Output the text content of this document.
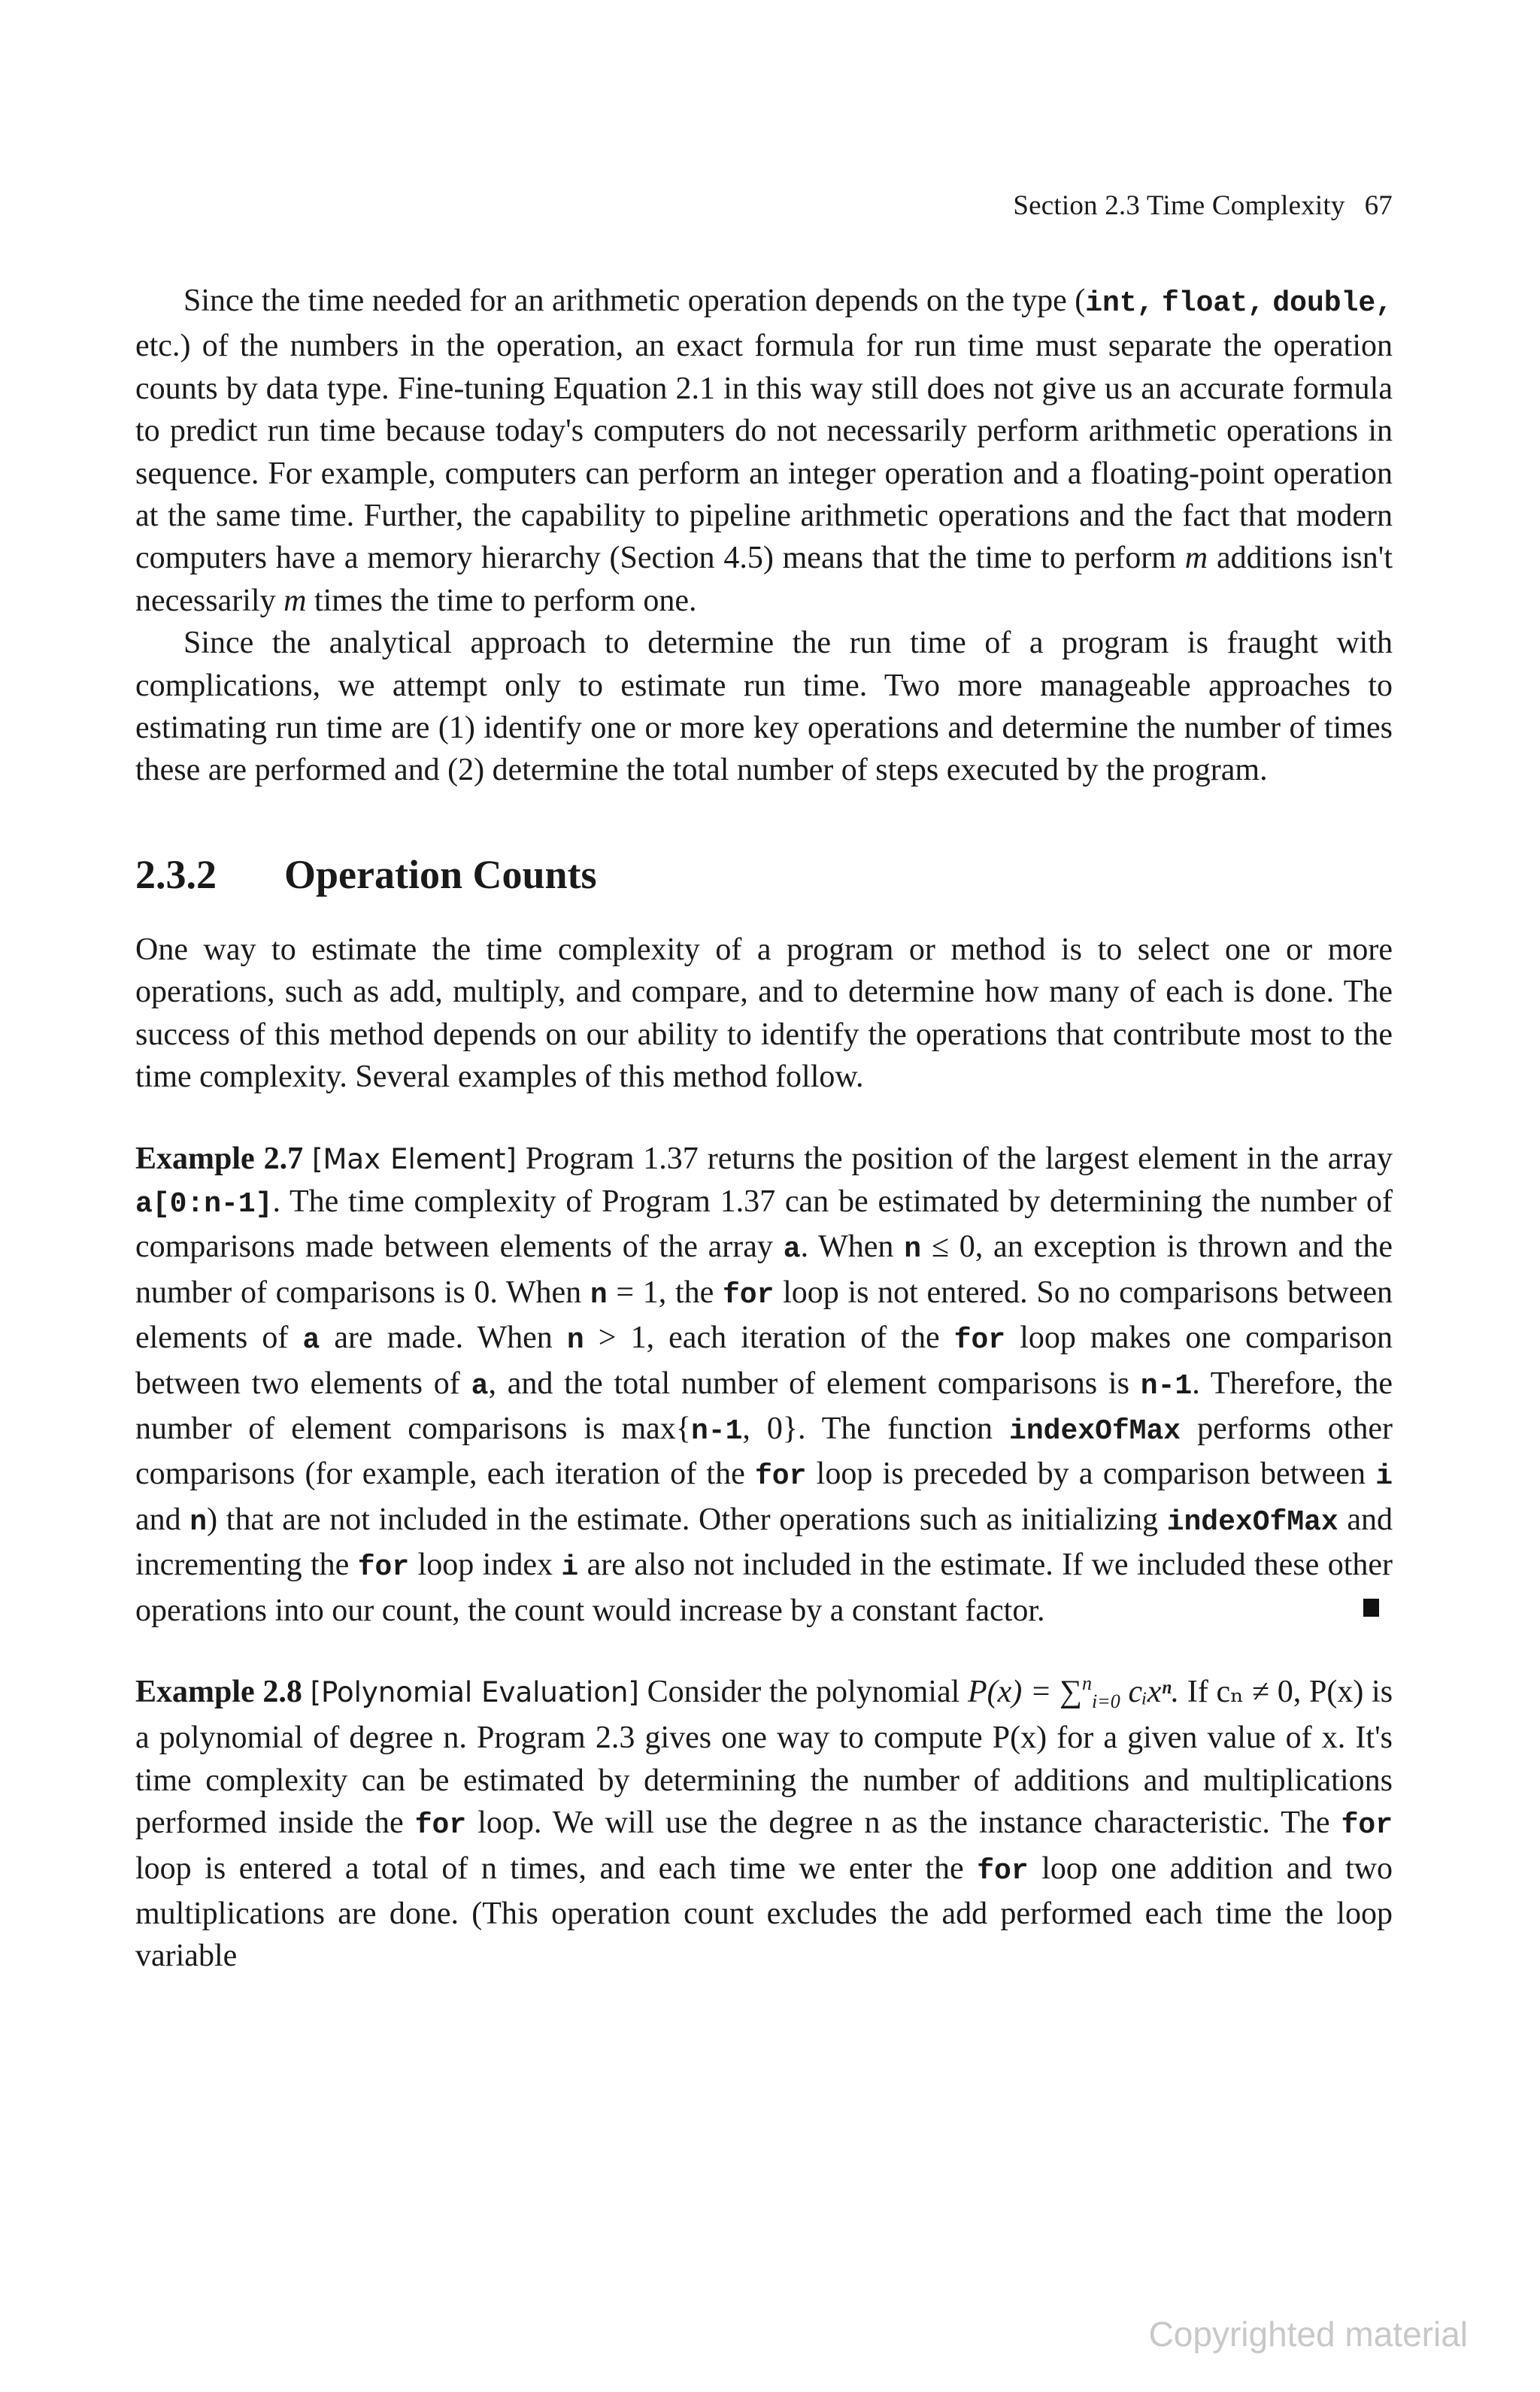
Section 2.3 Time Complexity 67

Since the time needed for an arithmetic operation depends on the type (int, float, double, etc.) of the numbers in the operation, an exact formula for run time must separate the operation counts by data type. Fine-tuning Equation 2.1 in this way still does not give us an accurate formula to predict run time because today's computers do not necessarily perform arithmetic operations in sequence. For example, computers can perform an integer operation and a floating-point operation at the same time. Further, the capability to pipeline arithmetic operations and the fact that modern computers have a memory hierarchy (Section 4.5) means that the time to perform m additions isn't necessarily m times the time to perform one.

Since the analytical approach to determine the run time of a program is fraught with complications, we attempt only to estimate run time. Two more manageable approaches to estimating run time are (1) identify one or more key operations and determine the number of times these are performed and (2) determine the total number of steps executed by the program.

2.3.2 Operation Counts

One way to estimate the time complexity of a program or method is to select one or more operations, such as add, multiply, and compare, and to determine how many of each is done. The success of this method depends on our ability to identify the operations that contribute most to the time complexity. Several examples of this method follow.

Example 2.7 [Max Element] Program 1.37 returns the position of the largest element in the array a[0:n-1]. The time complexity of Program 1.37 can be estimated by determining the number of comparisons made between elements of the array a. When n ≤ 0, an exception is thrown and the number of comparisons is 0. When n = 1, the for loop is not entered. So no comparisons between elements of a are made. When n > 1, each iteration of the for loop makes one comparison between two elements of a, and the total number of element comparisons is n-1. Therefore, the number of element comparisons is max{n-1, 0}. The function indexOfMax performs other comparisons (for example, each iteration of the for loop is preceded by a comparison between i and n) that are not included in the estimate. Other operations such as initializing indexOfMax and incrementing the for loop index i are also not included in the estimate. If we included these other operations into our count, the count would increase by a constant factor.

Example 2.8 [Polynomial Evaluation] Consider the polynomial P(x) = ∑$^n$i=0 cᵢxⁿ. If cₙ ≠ 0, P(x) is a polynomial of degree n. Program 2.3 gives one way to compute P(x) for a given value of x. It's time complexity can be estimated by determining the number of additions and multiplications performed inside the for loop. We will use the degree n as the instance characteristic. The for loop is entered a total of n times, and each time we enter the for loop one addition and two multiplications are done. (This operation count excludes the add performed each time the loop variable

Copyrighted material
